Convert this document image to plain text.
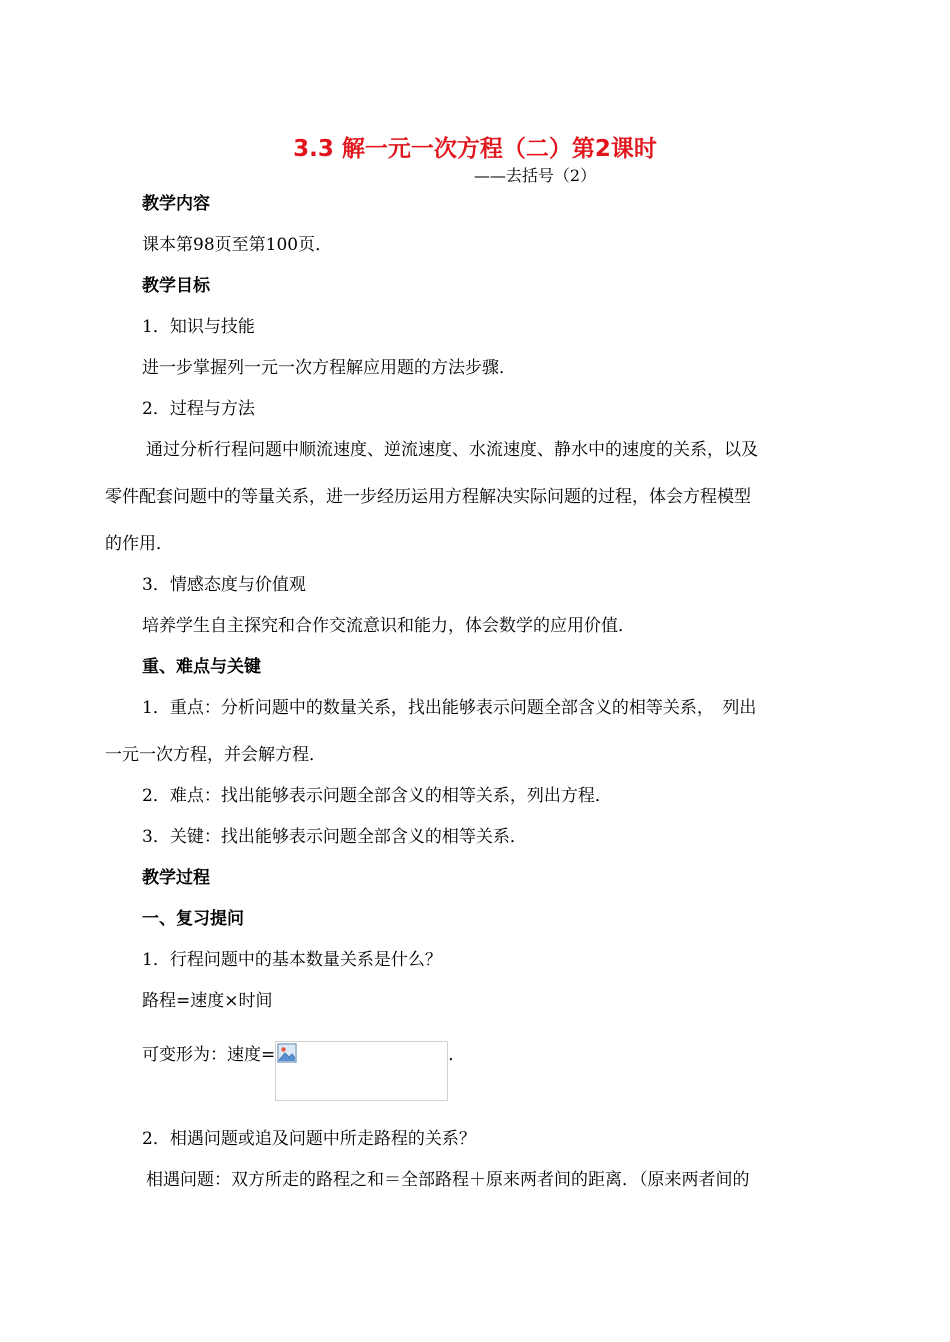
3.3 解一元一次方程（二）第2课时
——去括号（2）
教学内容
课本第98页至第100页．
教学目标
1．知识与技能
进一步掌握列一元一次方程解应用题的方法步骤．
2．过程与方法
通过分析行程问题中顺流速度、逆流速度、水流速度、静水中的速度的关系，以及
零件配套问题中的等量关系，进一步经历运用方程解决实际问题的过程，体会方程模型
的作用．
3．情感态度与价值观
培养学生自主探究和合作交流意识和能力，体会数学的应用价值．
重、难点与关键
1．重点：分析问题中的数量关系，找出能够表示问题全部含义的相等关系，　列出
一元一次方程，并会解方程．
2．难点：找出能够表示问题全部含义的相等关系，列出方程．
3．关键：找出能够表示问题全部含义的相等关系．
教学过程
一、复习提问
1．行程问题中的基本数量关系是什么？
路程=速度×时间
可变形为：速度=	．
2．相遇问题或追及问题中所走路程的关系？
相遇问题：双方所走的路程之和＝全部路程＋原来两者间的距离．（原来两者间的
